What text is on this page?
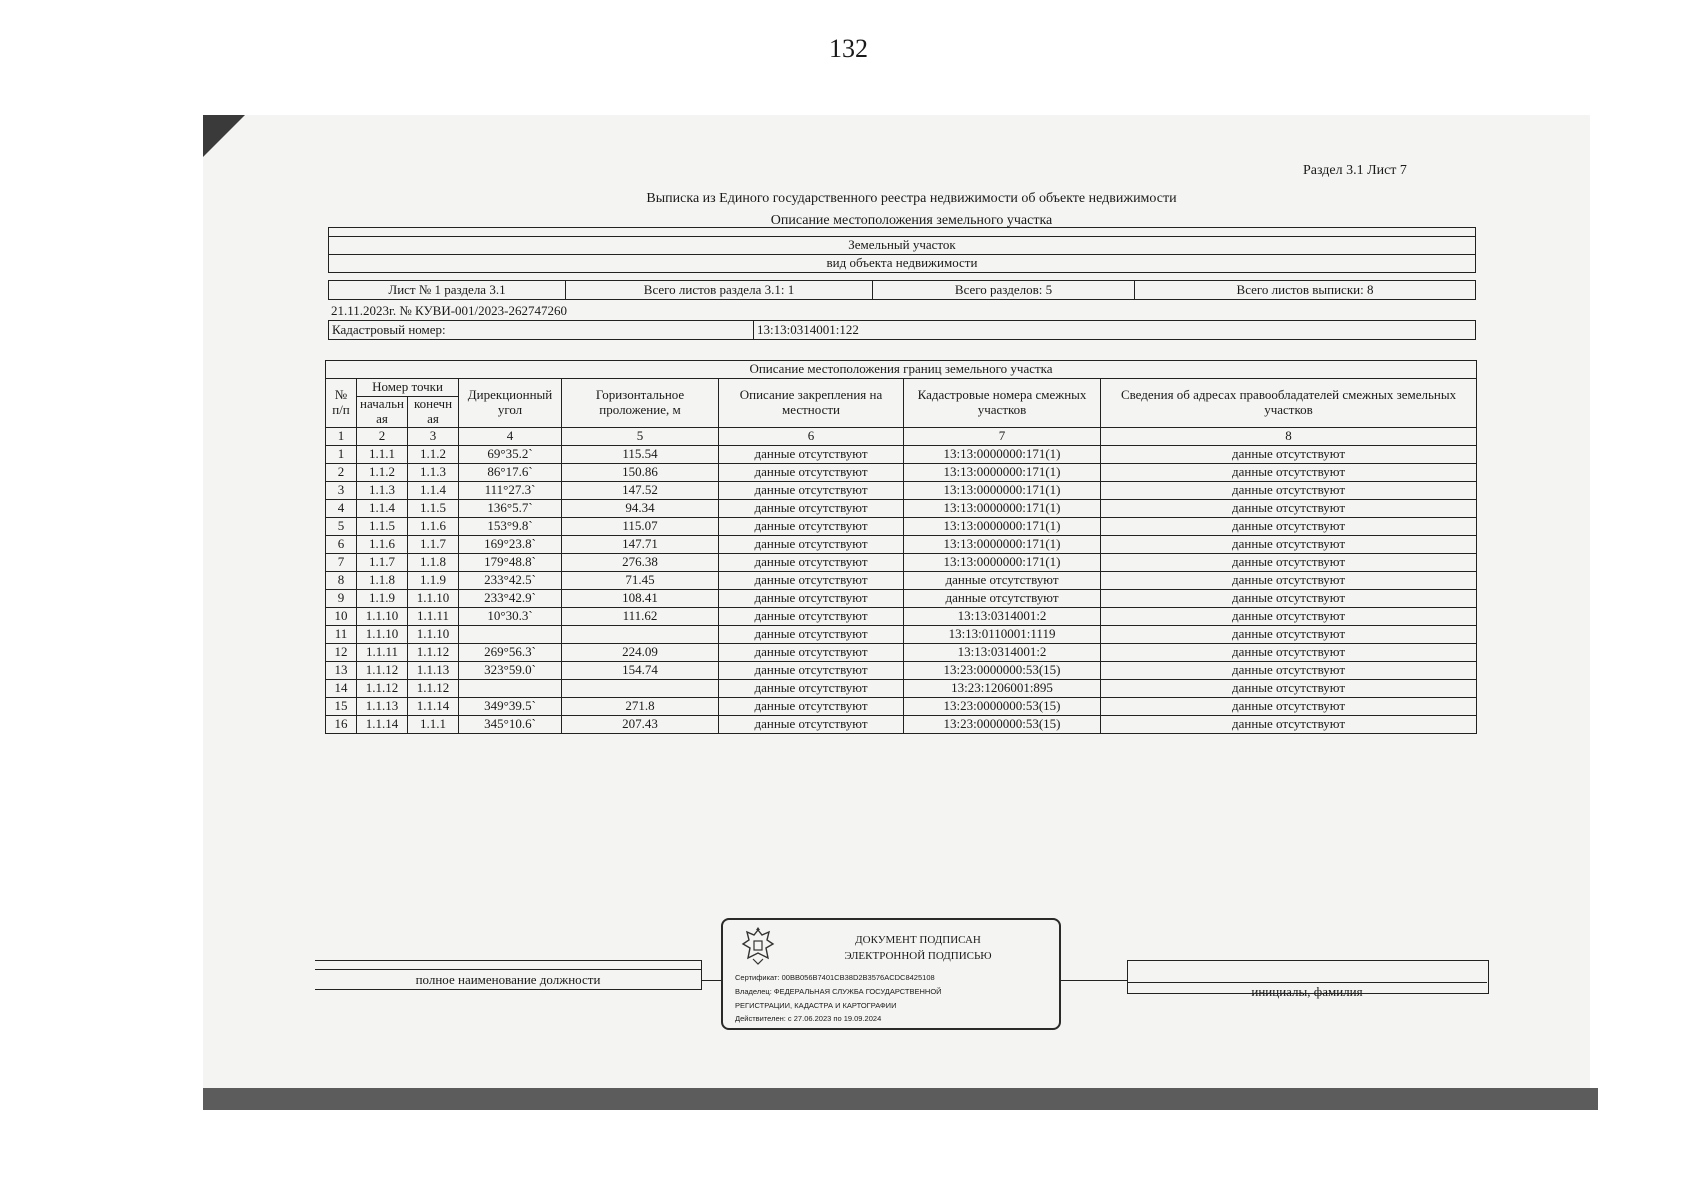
132
Раздел 3.1 Лист 7
Выписка из Единого государственного реестра недвижимости об объекте недвижимости
Описание местоположения земельного участка

Земельный участок
вид объекта недвижимости
Лист № 1 раздела 3.1	Всего листов раздела 3.1: 1	Всего разделов: 5	Всего листов выписки: 8
21.11.2023г. № КУВИ-001/2023-262747260
Кадастровый номер:	13:13:0314001:122
Описание местоположения границ земельного участка							
№ п/п	Номер точки		Дирекционный угол	Горизонтальное проложение, м	Описание закрепления на местности	Кадастровые номера смежных участков	Сведения об адресах правообладателей смежных земельных участков
	начальн ая	конечн ая					
1	2	3	4	5	6	7	8
1	1.1.1	1.1.2	69°35.2`	115.54	данные отсутствуют	13:13:0000000:171(1)	данные отсутствуют
2	1.1.2	1.1.3	86°17.6`	150.86	данные отсутствуют	13:13:0000000:171(1)	данные отсутствуют
3	1.1.3	1.1.4	111°27.3`	147.52	данные отсутствуют	13:13:0000000:171(1)	данные отсутствуют
4	1.1.4	1.1.5	136°5.7`	94.34	данные отсутствуют	13:13:0000000:171(1)	данные отсутствуют
5	1.1.5	1.1.6	153°9.8`	115.07	данные отсутствуют	13:13:0000000:171(1)	данные отсутствуют
6	1.1.6	1.1.7	169°23.8`	147.71	данные отсутствуют	13:13:0000000:171(1)	данные отсутствуют
7	1.1.7	1.1.8	179°48.8`	276.38	данные отсутствуют	13:13:0000000:171(1)	данные отсутствуют
8	1.1.8	1.1.9	233°42.5`	71.45	данные отсутствуют	данные отсутствуют	данные отсутствуют
9	1.1.9	1.1.10	233°42.9`	108.41	данные отсутствуют	данные отсутствуют	данные отсутствуют
10	1.1.10	1.1.11	10°30.3`	111.62	данные отсутствуют	13:13:0314001:2	данные отсутствуют
11	1.1.10	1.1.10			данные отсутствуют	13:13:0110001:1119	данные отсутствуют
12	1.1.11	1.1.12	269°56.3`	224.09	данные отсутствуют	13:13:0314001:2	данные отсутствуют
13	1.1.12	1.1.13	323°59.0`	154.74	данные отсутствуют	13:23:0000000:53(15)	данные отсутствуют
14	1.1.12	1.1.12			данные отсутствуют	13:23:1206001:895	данные отсутствуют
15	1.1.13	1.1.14	349°39.5`	271.8	данные отсутствуют	13:23:0000000:53(15)	данные отсутствуют
16	1.1.14	1.1.1	345°10.6`	207.43	данные отсутствуют	13:23:0000000:53(15)	данные отсутствуют
полное наименование должности
инициалы, фамилия
ДОКУМЕНТ ПОДПИСАН
ЭЛЕКТРОННОЙ ПОДПИСЬЮ
Сертификат: 00BB056B7401CB38D2B3576ACDC8425108
Владелец: ФЕДЕРАЛЬНАЯ СЛУЖБА ГОСУДАРСТВЕННОЙ
РЕГИСТРАЦИИ, КАДАСТРА И КАРТОГРАФИИ
Действителен: с 27.06.2023 по 19.09.2024
